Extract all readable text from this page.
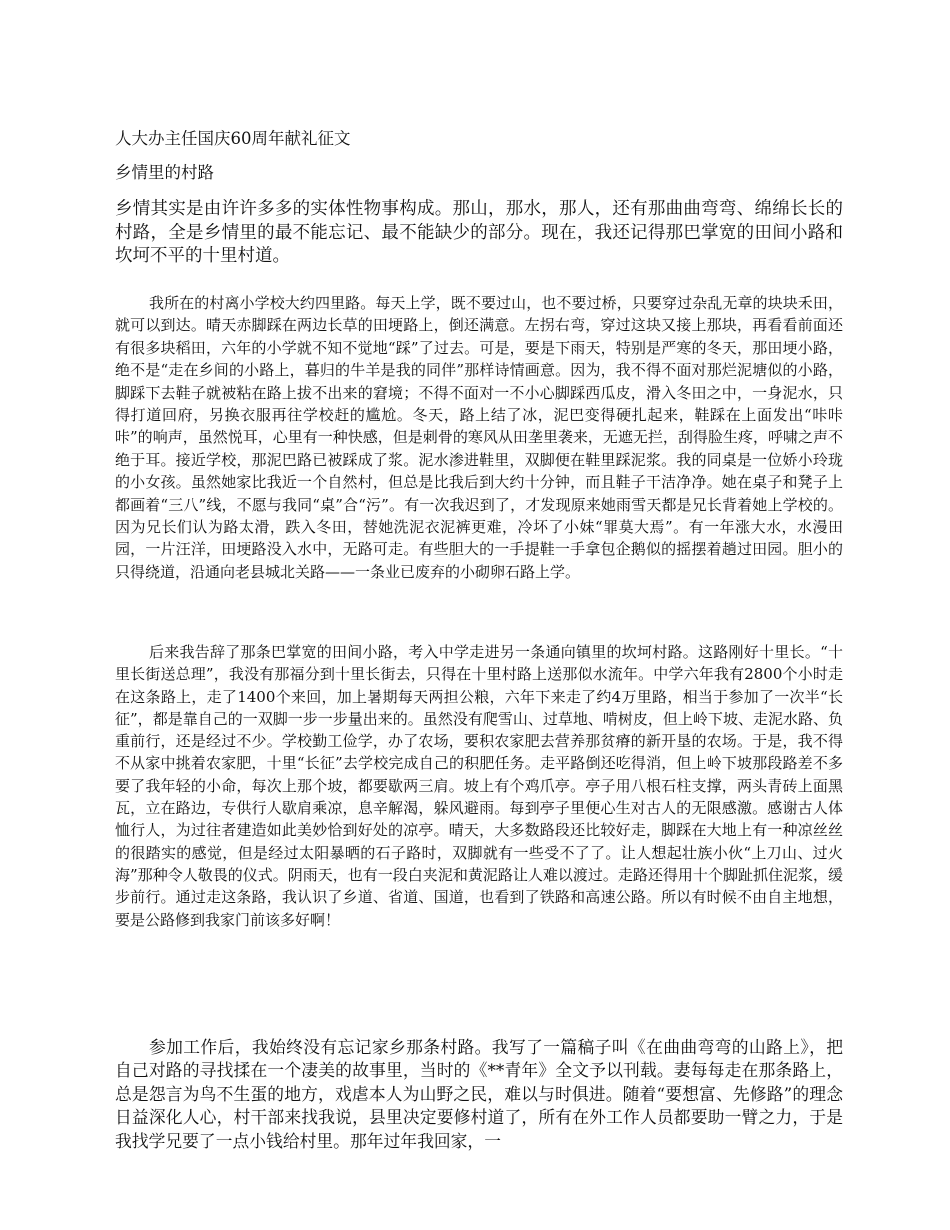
人大办主任国庆60周年献礼征文
乡情里的村路

乡情其实是由许许多多的实体性物事构成。那山，那水，那人，还有那曲曲弯弯、绵绵长长的村路，全是乡情里的最不能忘记、最不能缺少的部分。现在，我还记得那巴掌宽的田间小路和坎坷不平的十里村道。

我所在的村离小学校大约四里路。每天上学，既不要过山，也不要过桥，只要穿过杂乱无章的块块禾田，就可以到达。晴天赤脚踩在两边长草的田埂路上，倒还满意。左拐右弯，穿过这块又接上那块，再看看前面还有很多块稻田，六年的小学就不知不觉地“踩”了过去。可是，要是下雨天，特别是严寒的冬天，那田埂小路，绝不是“走在乡间的小路上，暮归的牛羊是我的同伴”那样诗情画意。因为，我不得不面对那烂泥塘似的小路，脚踩下去鞋子就被粘在路上拔不出来的窘境；不得不面对一不小心脚踩西瓜皮，滑入冬田之中，一身泥水，只得打道回府，另换衣服再往学校赶的尴尬。冬天，路上结了冰，泥巴变得硬扎起来，鞋踩在上面发出“咔咔咔”的响声，虽然悦耳，心里有一种快感，但是刺骨的寒风从田垄里袭来，无遮无拦，刮得脸生疼，呼啸之声不绝于耳。接近学校，那泥巴路已被踩成了浆。泥水渗进鞋里，双脚便在鞋里踩泥浆。我的同桌是一位娇小玲珑的小女孩。虽然她家比我近一个自然村，但总是比我后到大约十分钟，而且鞋子干洁净净。她在桌子和凳子上都画着“三八”线，不愿与我同“桌”合“污”。有一次我迟到了，才发现原来她雨雪天都是兄长背着她上学校的。因为兄长们认为路太滑，跌入冬田，替她洗泥衣泥裤更难，冷坏了小妹“罪莫大焉”。有一年涨大水，水漫田园，一片汪洋，田埂路没入水中，无路可走。有些胆大的一手提鞋一手拿包企鹅似的摇摆着趟过田园。胆小的只得绕道，沿通向老县城北关路——一条业已废弃的小砌卵石路上学。

后来我告辞了那条巴掌宽的田间小路，考入中学走进另一条通向镇里的坎坷村路。这路刚好十里长。“十里长街送总理”，我没有那福分到十里长街去，只得在十里村路上送那似水流年。中学六年我有2800个小时走在这条路上，走了1400个来回，加上暑期每天两担公粮，六年下来走了约4万里路，相当于参加了一次半“长征”，都是靠自己的一双脚一步一步量出来的。虽然没有爬雪山、过草地、啃树皮，但上岭下坡、走泥水路、负重前行，还是经过不少。学校勤工俭学，办了农场，要积农家肥去营养那贫瘠的新开垦的农场。于是，我不得不从家中挑着农家肥，十里“长征”去学校完成自己的积肥任务。走平路倒还吃得消，但上岭下坡那段路差不多要了我年轻的小命，每次上那个坡，都要歇两三肩。坡上有个鸡爪亭。亭子用八根石柱支撑，两头青砖上面黑瓦，立在路边，专供行人歇肩乘凉，息辛解渴，躲风避雨。每到亭子里便心生对古人的无限感激。感谢古人体恤行人，为过往者建造如此美妙恰到好处的凉亭。晴天，大多数路段还比较好走，脚踩在大地上有一种凉丝丝的很踏实的感觉，但是经过太阳暴晒的石子路时，双脚就有一些受不了了。让人想起壮族小伙“上刀山、过火海”那种令人敬畏的仪式。阴雨天，也有一段白夹泥和黄泥路让人难以渡过。走路还得用十个脚趾抓住泥浆，缓步前行。通过走这条路，我认识了乡道、省道、国道，也看到了铁路和高速公路。所以有时候不由自主地想，要是公路修到我家门前该多好啊！

参加工作后，我始终没有忘记家乡那条村路。我写了一篇稿子叫《在曲曲弯弯的山路上》，把自己对路的寻找揉在一个凄美的故事里，当时的《**青年》全文予以刊载。妻每每走在那条路上，总是怨言为鸟不生蛋的地方，戏虐本人为山野之民，难以与时俱进。随着“要想富、先修路”的理念日益深化人心，村干部来找我说，县里决定要修村道了，所有在外工作人员都要助一臂之力，于是我找学兄要了一点小钱给村里。那年过年我回家，一
